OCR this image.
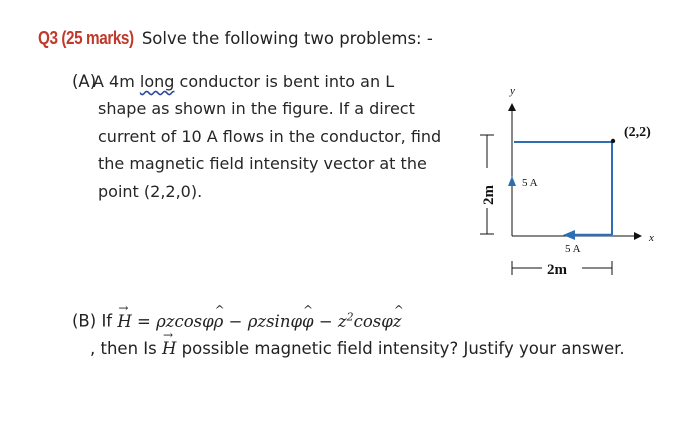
Q3 (25 marks) Solve the following two problems: -
(A)
A 4m long conductor is bent into an L
shape as shown in the figure. If a direct
current of 10 A flows in the conductor, find
the magnetic field intensity vector at the
point (2,2,0).	2m
y
x
(2,2)
5 A
5 A
2m
(B) If → H = ρzcosφ^ ρ − ρzsinφ^ $\varphi - z^2\cos\varphi\^{}$ z
, then Is → H possible magnetic field intensity? Justify your answer.
